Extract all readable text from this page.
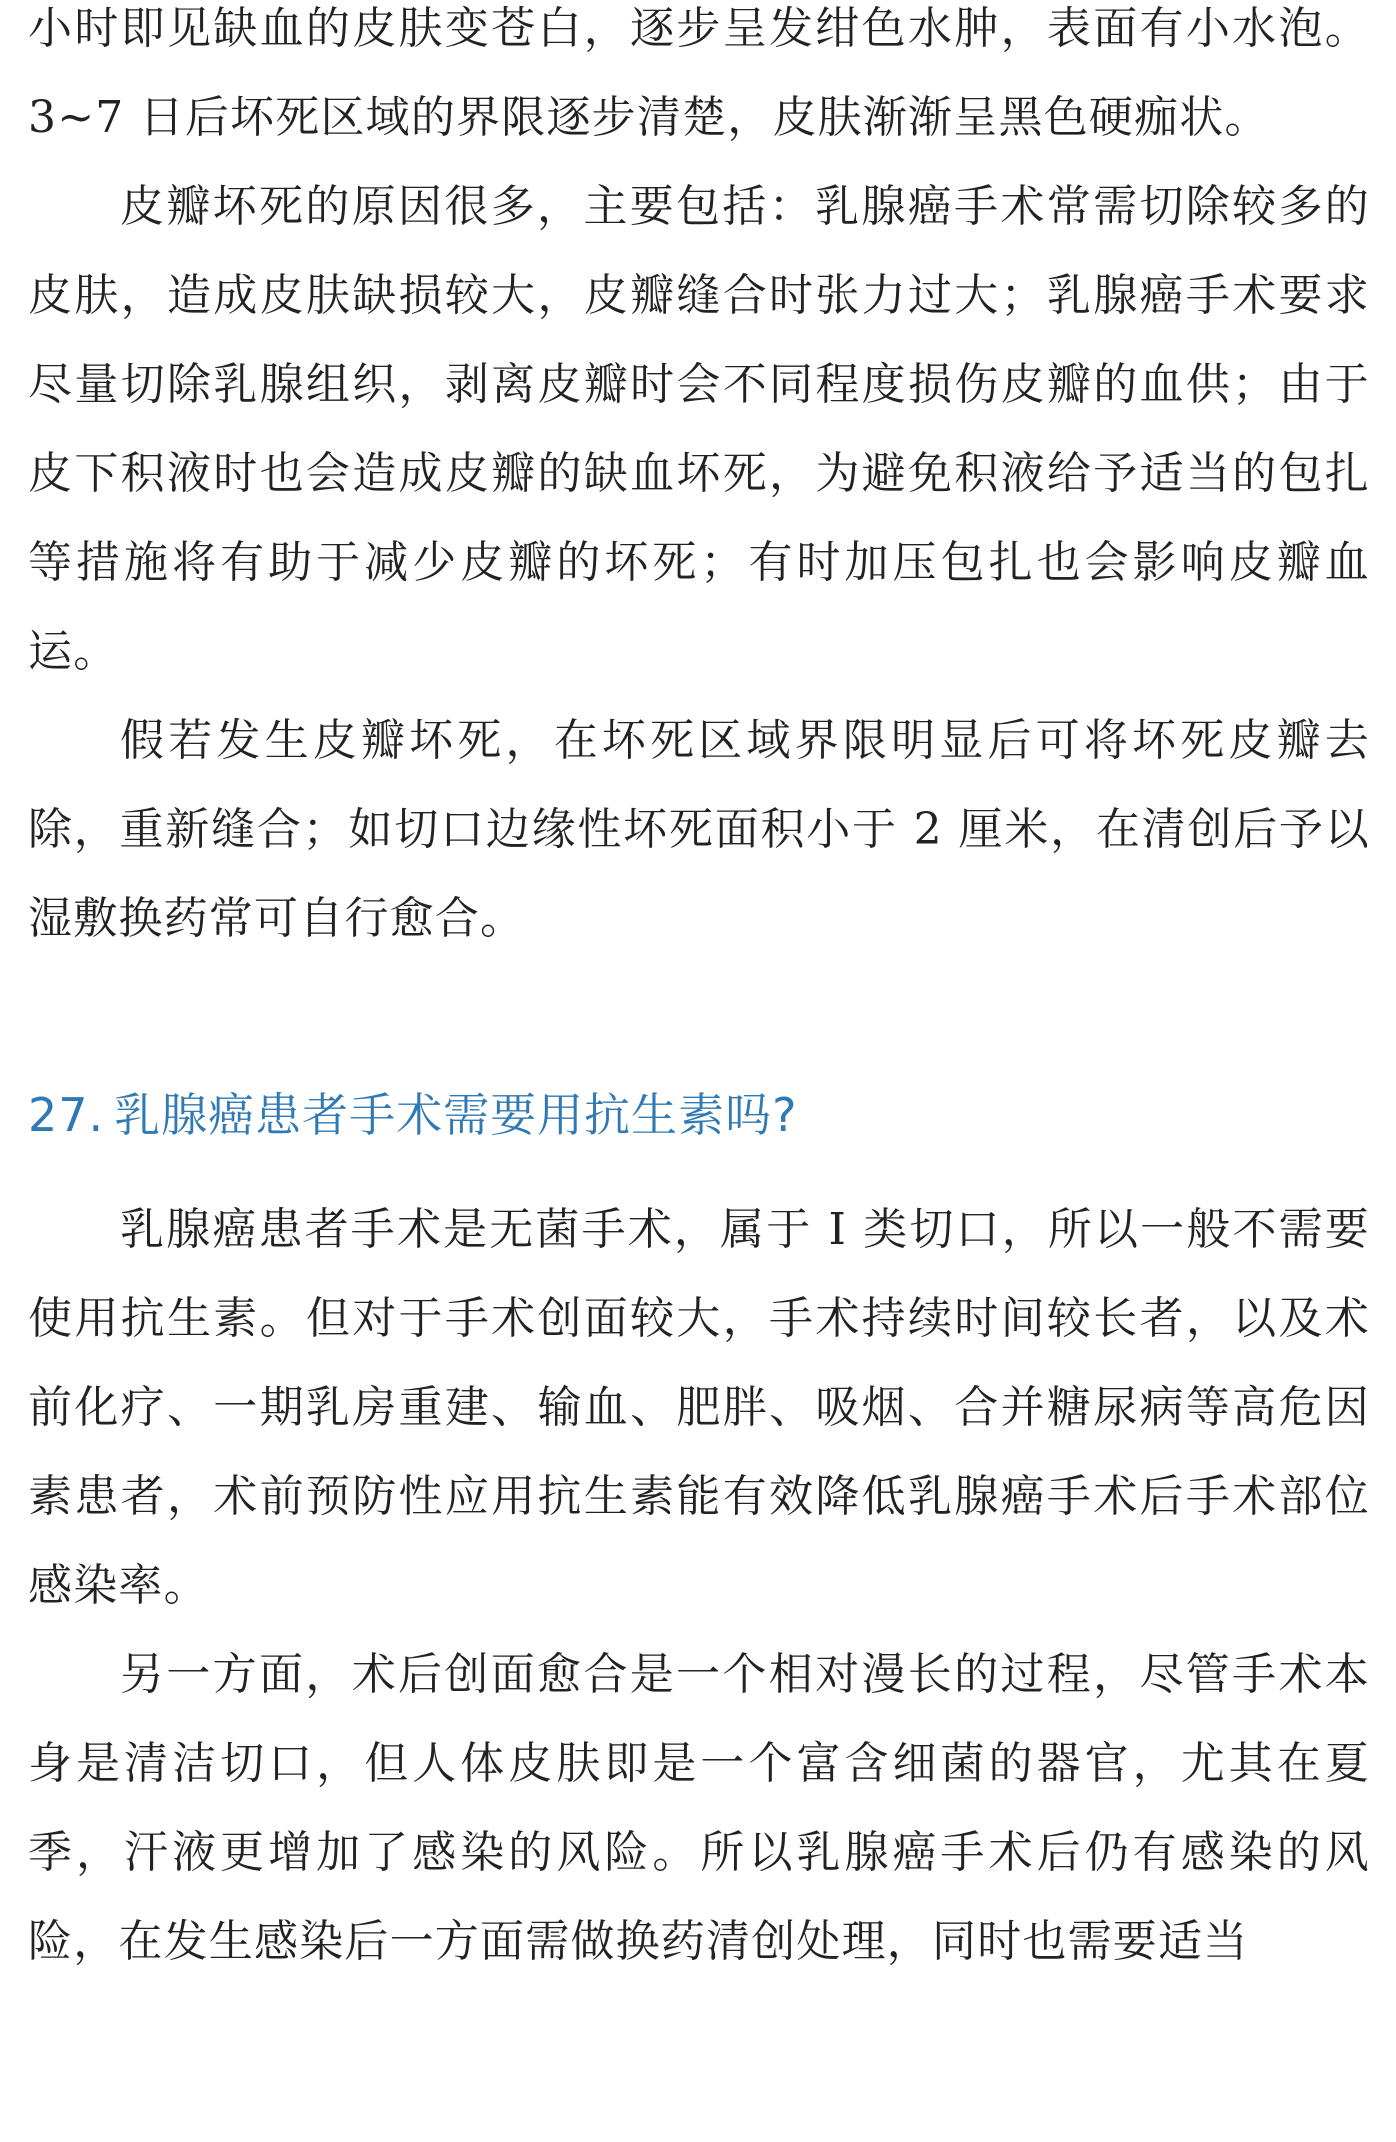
小时即见缺血的皮肤变苍白，逐步呈发绀色水肿，表面有小水泡。3~7 日后坏死区域的界限逐步清楚，皮肤渐渐呈黑色硬痂状。

皮瓣坏死的原因很多，主要包括：乳腺癌手术常需切除较多的皮肤，造成皮肤缺损较大，皮瓣缝合时张力过大；乳腺癌手术要求尽量切除乳腺组织，剥离皮瓣时会不同程度损伤皮瓣的血供；由于皮下积液时也会造成皮瓣的缺血坏死，为避免积液给予适当的包扎等措施将有助于减少皮瓣的坏死；有时加压包扎也会影响皮瓣血运。

假若发生皮瓣坏死，在坏死区域界限明显后可将坏死皮瓣去除，重新缝合；如切口边缘性坏死面积小于 2 厘米，在清创后予以湿敷换药常可自行愈合。

27. 乳腺癌患者手术需要用抗生素吗?

乳腺癌患者手术是无菌手术，属于 I 类切口，所以一般不需要使用抗生素。但对于手术创面较大，手术持续时间较长者，以及术前化疗、一期乳房重建、输血、肥胖、吸烟、合并糖尿病等高危因素患者，术前预防性应用抗生素能有效降低乳腺癌手术后手术部位感染率。

另一方面，术后创面愈合是一个相对漫长的过程，尽管手术本身是清洁切口，但人体皮肤即是一个富含细菌的器官，尤其在夏季，汗液更增加了感染的风险。所以乳腺癌手术后仍有感染的风险，在发生感染后一方面需做换药清创处理，同时也需要适当
